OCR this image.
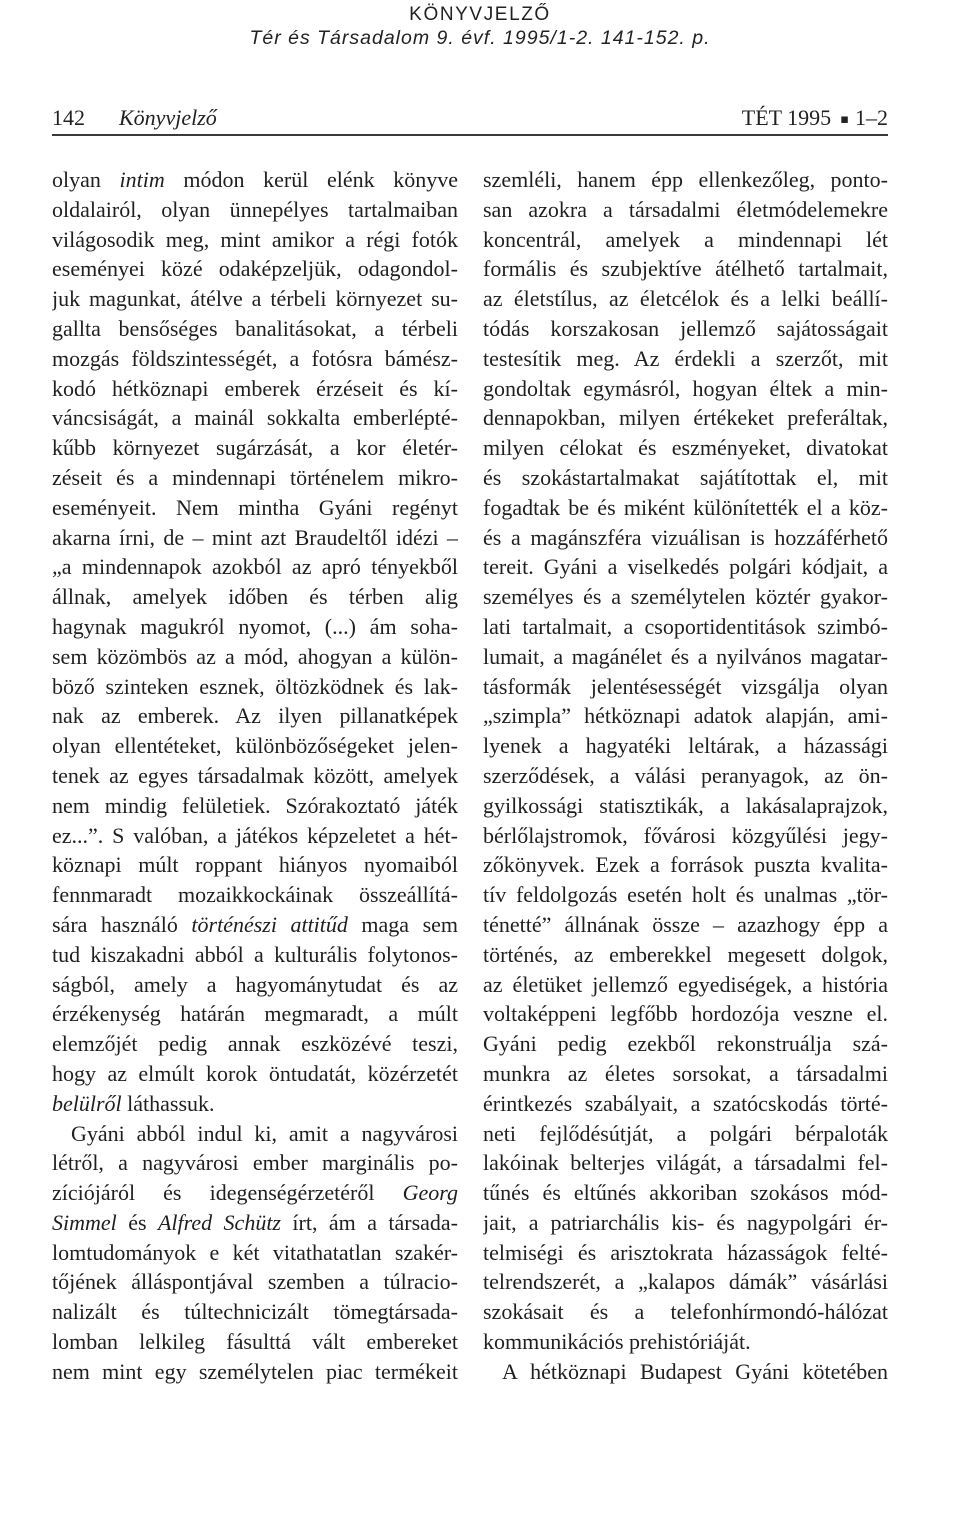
KÖNYVJELZŐ
Tér és Társadalom 9. évf. 1995/1-2. 141-152. p.
142 Könyvjelző	TÉT 1995 ▪ 1–2
olyan intim módon kerül elénk könyve
oldalairól, olyan ünnepélyes tartalmaiban
világosodik meg, mint amikor a régi fotók
eseményei közé odaképzeljük, odagondol-
juk magunkat, átélve a térbeli környezet su-
gallta bensőséges banalitásokat, a térbeli
mozgás földszintességét, a fotósra bámész-
kodó hétköznapi emberek érzéseit és kí-
váncsiságát, a mainál sokkalta emberlépté-
kűbb környezet sugárzását, a kor életér-
zéseit és a mindennapi történelem mikro-
eseményeit. Nem mintha Gyáni regényt
akarna írni, de – mint azt Braudeltől idézi –
„a mindennapok azokból az apró tényekből
állnak, amelyek időben és térben alig
hagynak magukról nyomot, (...) ám soha-
sem közömbös az a mód, ahogyan a külön-
böző szinteken esznek, öltözködnek és lak-
nak az emberek. Az ilyen pillanatképek
olyan ellentéteket, különbözőségeket jelen-
tenek az egyes társadalmak között, amelyek
nem mindig felületiek. Szórakoztató játék
ez...”. S valóban, a játékos képzeletet a hét-
köznapi múlt roppant hiányos nyomaiból
fennmaradt mozaikkockáinak összeállítá-
sára használó történészi attitűd maga sem
tud kiszakadni abból a kulturális folytonos-
ságból, amely a hagyománytudat és az
érzékenység határán megmaradt, a múlt
elemzőjét pedig annak eszközévé teszi,
hogy az elmúlt korok öntudatát, közérzetét
belülről láthassuk.
Gyáni abból indul ki, amit a nagyvárosi
létről, a nagyvárosi ember marginális po-
zíciójáról és idegenségérzetéről Georg
Simmel és Alfred Schütz írt, ám a társada-
lomtudományok e két vitathatatlan szakér-
tőjének álláspontjával szemben a túlracio-
nalizált és túltechnicizált tömegtársada-
lomban lelkileg fásulttá vált embereket
nem mint egy személytelen piac termékeit
szemléli, hanem épp ellenkezőleg, ponto-
san azokra a társadalmi életmódelemekre
koncentrál, amelyek a mindennapi lét
formális és szubjektíve átélhető tartalmait,
az életstílus, az életcélok és a lelki beállí-
tódás korszakosan jellemző sajátosságait
testesítik meg. Az érdekli a szerzőt, mit
gondoltak egymásról, hogyan éltek a min-
dennapokban, milyen értékeket preferáltak,
milyen célokat és eszményeket, divatokat
és szokástartalmakat sajátítottak el, mit
fogadtak be és miként különítették el a köz-
és a magánszféra vizuálisan is hozzáférhető
tereit. Gyáni a viselkedés polgári kódjait, a
személyes és a személytelen köztér gyakor-
lati tartalmait, a csoportidentitások szimbó-
lumait, a magánélet és a nyilvános magatar-
tásformák jelentésességét vizsgálja olyan
„szimpla” hétköznapi adatok alapján, ami-
lyenek a hagyatéki leltárak, a házassági
szerződések, a válási peranyagok, az ön-
gyilkossági statisztikák, a lakásalaprajzok,
bérlőlajstromok, fővárosi közgyűlési jegy-
zőkönyvek. Ezek a források puszta kvalita-
tív feldolgozás esetén holt és unalmas „tör-
ténetté” állnának össze – azazhogy épp a
történés, az emberekkel megesett dolgok,
az életüket jellemző egyediségek, a história
voltaképpeni legfőbb hordozója veszne el.
Gyáni pedig ezekből rekonstruálja szá-
munkra az életes sorsokat, a társadalmi
érintkezés szabályait, a szatócskodás törté-
neti fejlődésútját, a polgári bérpaloták
lakóinak belterjes világát, a társadalmi fel-
tűnés és eltűnés akkoriban szokásos mód-
jait, a patriarchális kis- és nagypolgári ér-
telmiségi és arisztokrata házasságok felté-
telrendszerét, a „kalapos dámák” vásárlási
szokásait és a telefonhírmondó-hálózat
kommunikációs prehistóriáját.
A hétköznapi Budapest Gyáni kötetében
